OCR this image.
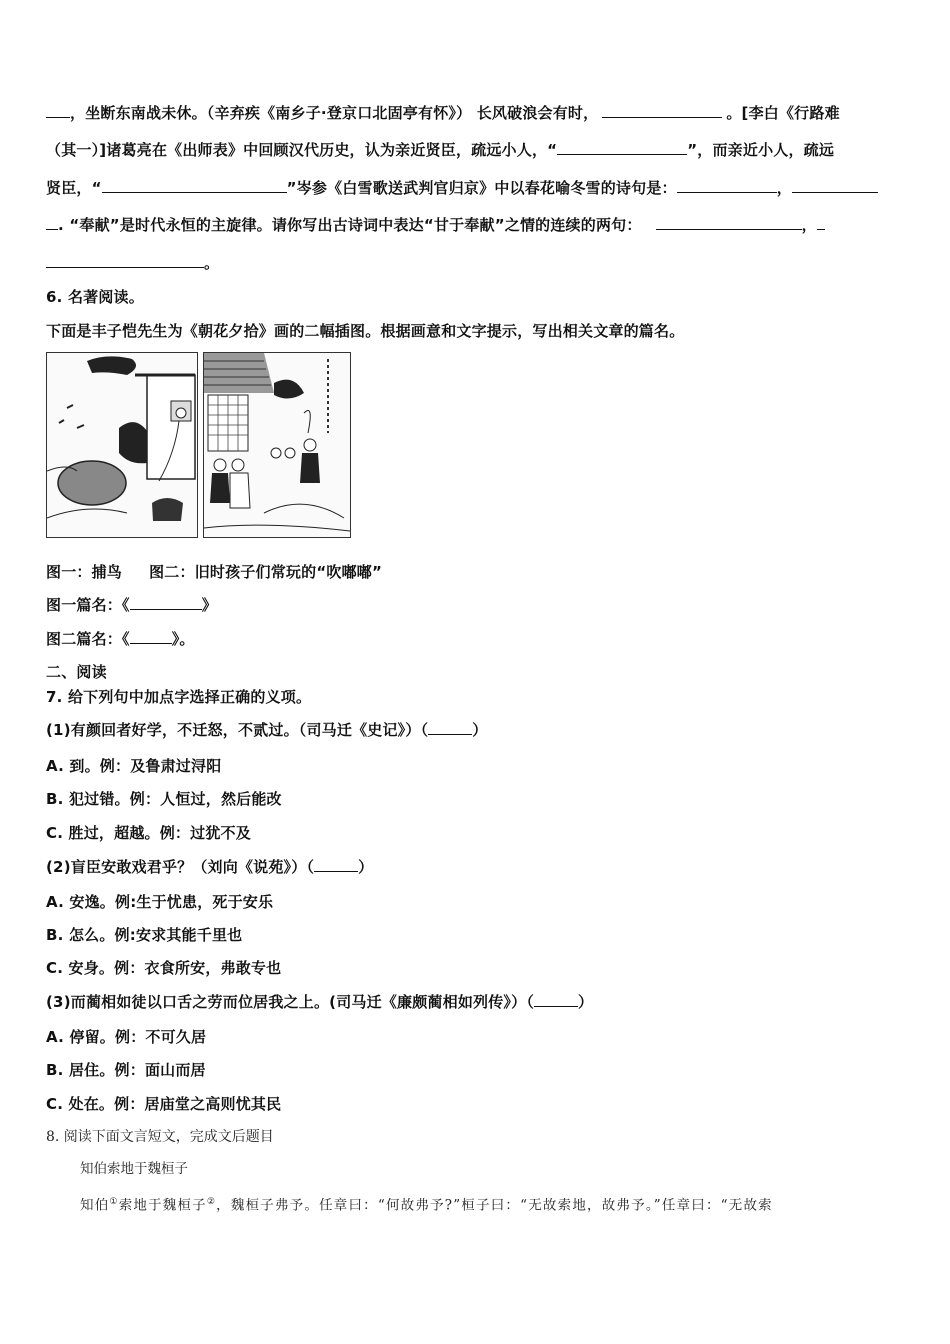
，坐断东南战未休。（辛弃疾《南乡子·登京口北固亭有怀》） 长风破浪会有时，	。[李白《行路难
（其一）]诸葛亮在《出师表》中回顾汉代历史，认为亲近贤臣，疏远小人，“	”，而亲近小人，疏远
贤臣，“	”岑参《白雪歌送武判官归京》中以春花喻冬雪的诗句是：	，
. “奉献”是时代永恒的主旋律。请你写出古诗词中表达“甘于奉献”之情的连续的两句：	，
。
6. 名著阅读。
下面是丰子恺先生为《朝花夕拾》画的二幅插图。根据画意和文字提示，写出相关文章的篇名。
图一：捕鸟     图二：旧时孩子们常玩的“吹嘟嘟”
图一篇名：《	》
图二篇名：《	》。
二、阅读
7. 给下列句中加点字选择正确的义项。
(1)有颜回者好学，不迁怒，不贰过。（司马迁《史记》）（	）
A. 到。例：及鲁肃过浔阳
B. 犯过错。例：人恒过，然后能改
C. 胜过，超越。例：过犹不及
(2)盲臣安敢戏君乎？（刘向《说苑》）（	）
A. 安逸。例:生于忧患，死于安乐
B. 怎么。例:安求其能千里也
C. 安身。例：衣食所安，弗敢专也
(3)而蔺相如徒以口舌之劳而位居我之上。(司马迁《廉颇蔺相如列传》）（	）
A. 停留。例：不可久居
B. 居住。例：面山而居
C. 处在。例：居庙堂之高则忧其民
8. 阅读下面文言短文，完成文后题目
知伯索地于魏桓子
知伯①索地于魏桓子②，魏桓子弗予。任章曰：“何故弗予?”桓子曰：“无故索地，故弗予。”任章曰：“无故索
